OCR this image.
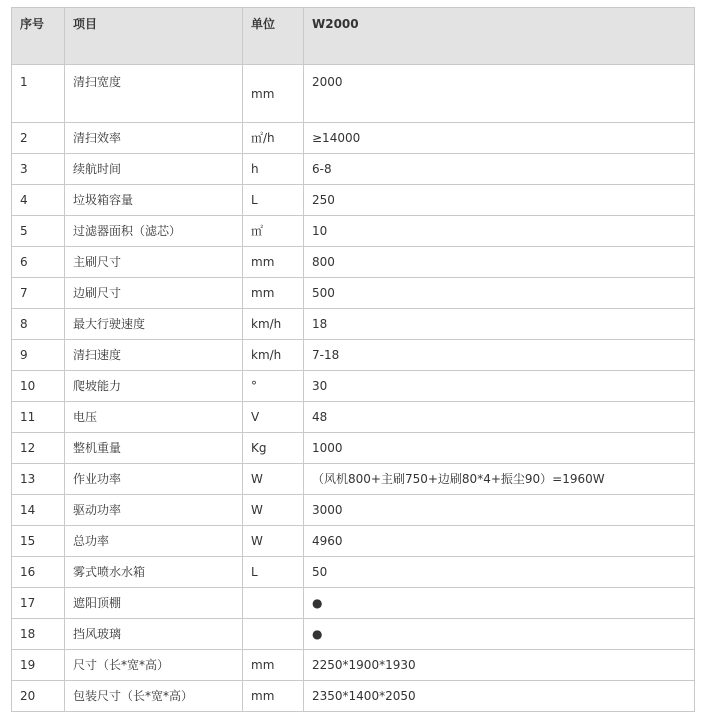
序号	项目	单位	W2000
1	清扫宽度	mm	2000
2	清扫效率	㎡/h	≥14000
3	续航时间	h	6-8
4	垃圾箱容量	L	250
5	过滤器面积（滤芯）	㎡	10
6	主刷尺寸	mm	800
7	边刷尺寸	mm	500
8	最大行驶速度	km/h	18
9	清扫速度	km/h	7-18
10	爬坡能力	°	30
11	电压	V	48
12	整机重量	Kg	1000
13	作业功率	W	（风机800+主刷750+边刷80*4+振尘90）=1960W
14	驱动功率	W	3000
15	总功率	W	4960
16	雾式喷水水箱	L	50
17	遮阳顶棚		●
18	挡风玻璃		●
19	尺寸（长*宽*高）	mm	2250*1900*1930
20	包装尺寸（长*宽*高）	mm	2350*1400*2050
